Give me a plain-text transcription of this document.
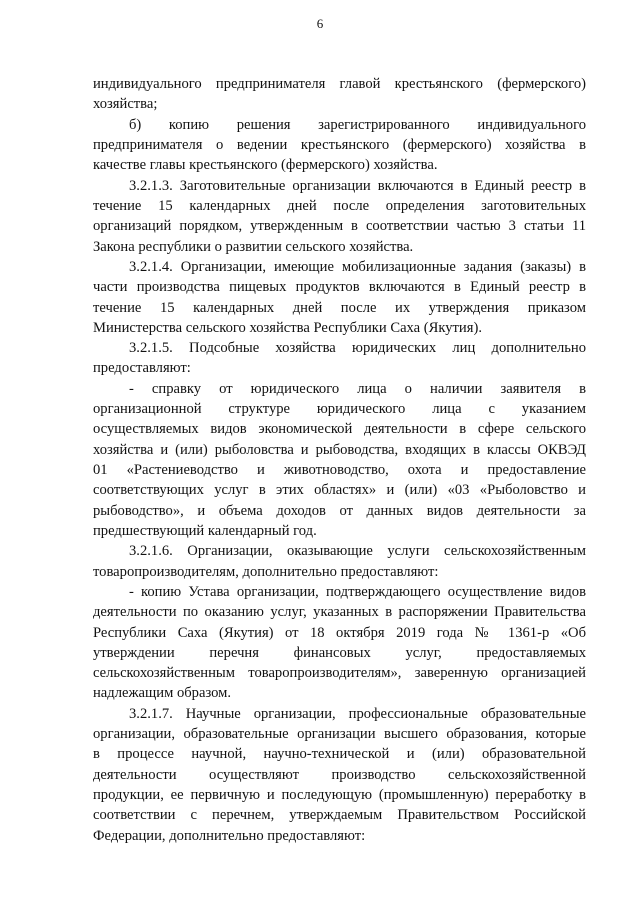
6
индивидуального предпринимателя главой крестьянского (фермерского)
хозяйства;
б) копию решения зарегистрированного индивидуального
предпринимателя о ведении крестьянского (фермерского) хозяйства в
качестве главы крестьянского (фермерского) хозяйства.
3.2.1.3. Заготовительные организации включаются в Единый реестр в
течение 15 календарных дней после определения заготовительных
организаций порядком, утвержденным в соответствии частью 3 статьи 11
Закона республики о развитии сельского хозяйства.
3.2.1.4. Организации, имеющие мобилизационные задания (заказы) в
части производства пищевых продуктов включаются в Единый реестр в
течение 15 календарных дней после их утверждения приказом
Министерства сельского хозяйства Республики Саха (Якутия).
3.2.1.5. Подсобные хозяйства юридических лиц дополнительно
предоставляют:
- справку от юридического лица о наличии заявителя в
организационной структуре юридического лица с указанием
осуществляемых видов экономической деятельности в сфере сельского
хозяйства и (или) рыболовства и рыбоводства, входящих в классы ОКВЭД
01 «Растениеводство и животноводство, охота и предоставление
соответствующих услуг в этих областях» и (или) «03 «Рыболовство и
рыбоводство», и объема доходов от данных видов деятельности за
предшествующий календарный год.
3.2.1.6. Организации, оказывающие услуги сельскохозяйственным
товаропроизводителям, дополнительно предоставляют:
- копию Устава организации, подтверждающего осуществление видов
деятельности по оказанию услуг, указанных в распоряжении Правительства
Республики Саха (Якутия) от 18 октября 2019 года № 1361-р «Об
утверждении перечня финансовых услуг, предоставляемых
сельскохозяйственным товаропроизводителям», заверенную организацией
надлежащим образом.
3.2.1.7. Научные организации, профессиональные образовательные
организации, образовательные организации высшего образования, которые
в процессе научной, научно-технической и (или) образовательной
деятельности осуществляют производство сельскохозяйственной
продукции, ее первичную и последующую (промышленную) переработку в
соответствии с перечнем, утверждаемым Правительством Российской
Федерации, дополнительно предоставляют:
